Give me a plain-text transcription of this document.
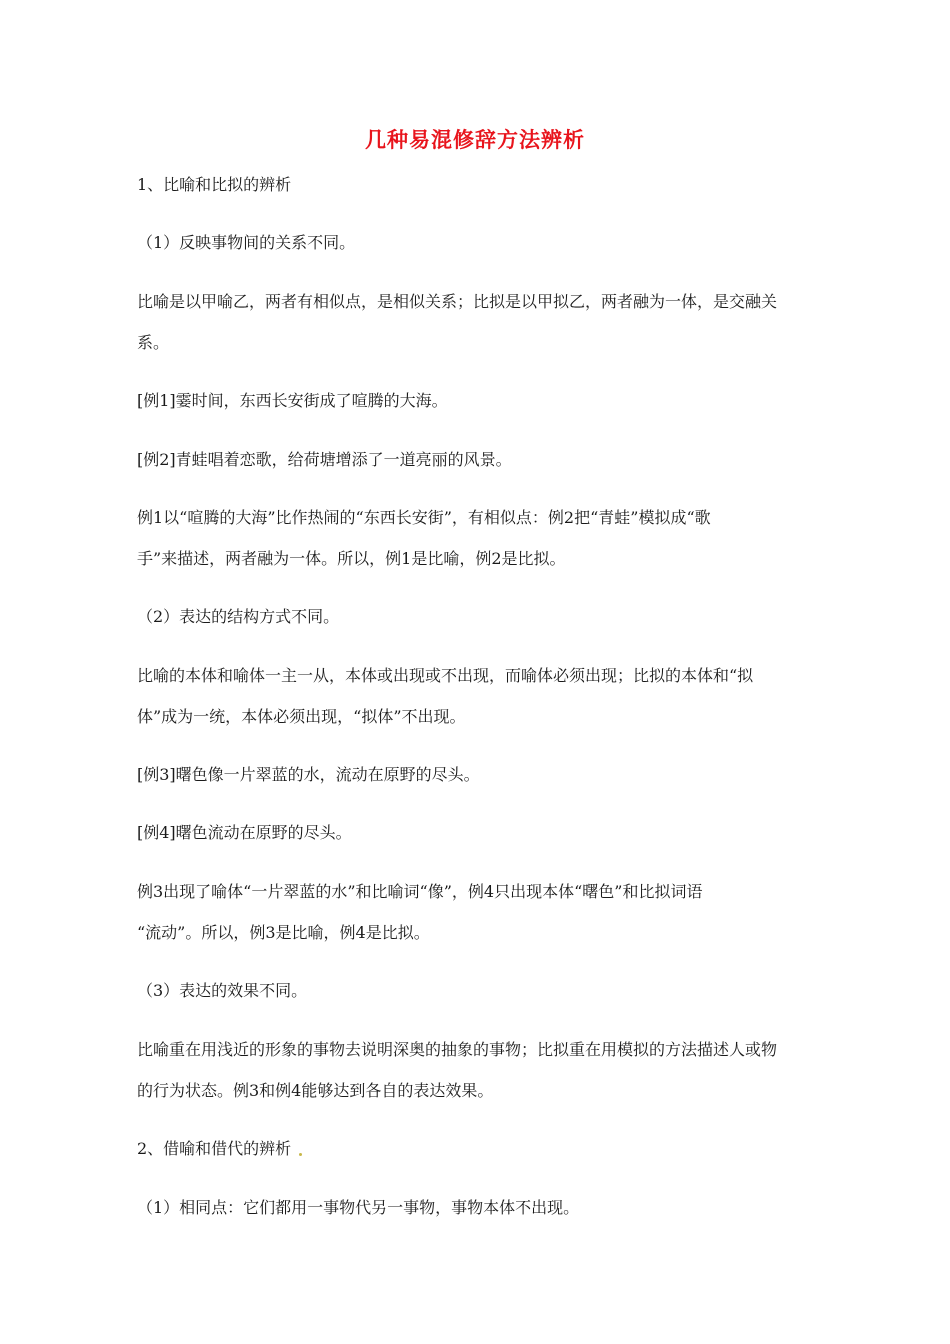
几种易混修辞方法辨析

1、比喻和比拟的辨析

（1）反映事物间的关系不同。

比喻是以甲喻乙，两者有相似点，是相似关系；比拟是以甲拟乙，两者融为一体，是交融关

系。

[例1]霎时间，东西长安街成了喧腾的大海。

[例2]青蛙唱着恋歌，给荷塘增添了一道亮丽的风景。

例1以“喧腾的大海”比作热闹的“东西长安街”，有相似点：例2把“青蛙”模拟成“歌

手”来描述，两者融为一体。所以，例1是比喻，例2是比拟。

（2）表达的结构方式不同。

比喻的本体和喻体一主一从，本体或出现或不出现，而喻体必须出现；比拟的本体和“拟

体”成为一统，本体必须出现，“拟体”不出现。

[例3]曙色像一片翠蓝的水，流动在原野的尽头。

[例4]曙色流动在原野的尽头。

例3出现了喻体“一片翠蓝的水”和比喻词“像”，例4只出现本体“曙色”和比拟词语

“流动”。所以，例3是比喻，例4是比拟。

（3）表达的效果不同。

比喻重在用浅近的形象的事物去说明深奥的抽象的事物；比拟重在用模拟的方法描述人或物

的行为状态。例3和例4能够达到各自的表达效果。

2、借喻和借代的辨析

（1）相同点：它们都用一事物代另一事物，事物本体不出现。
